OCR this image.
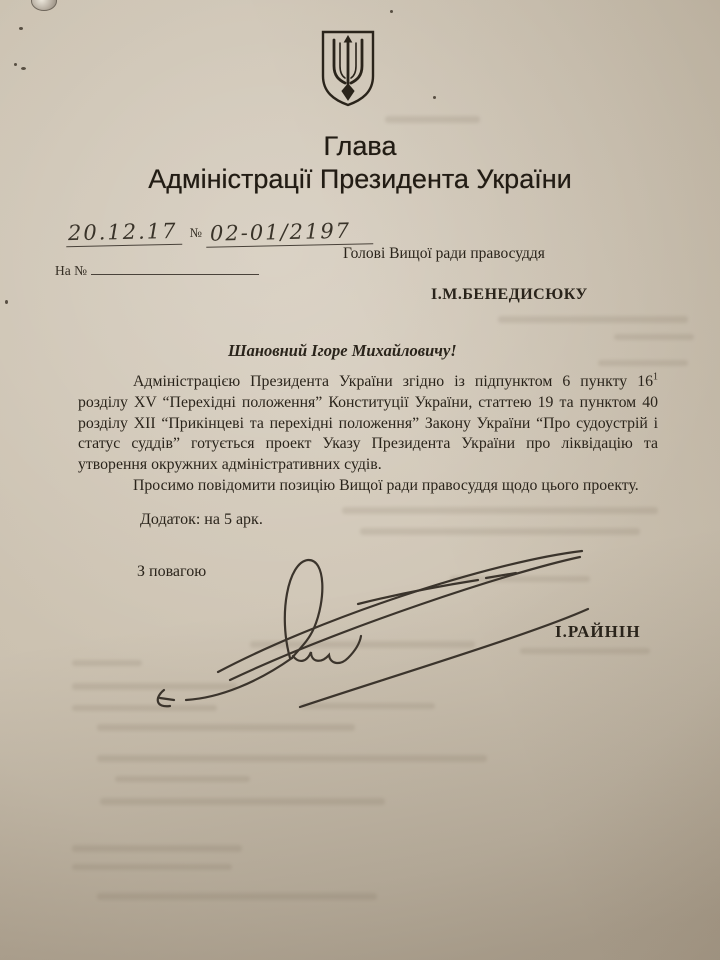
Глава
Адміністрації Президента України
20.12.17 № 02-01/2197
На №
Голові Вищої ради правосуддя
І.М.БЕНЕДИСЮКУ
Шановний Ігоре Михайловичу!

Адміністрацією Президента України згідно із підпунктом 6 пункту $16^1$ розділу XV “Перехідні положення” Конституції України, статтею 19 та пунктом 40 розділу XII “Прикінцеві та перехідні положення” Закону України “Про судоустрій і статус суддів” готується проект Указу Президента України про ліквідацію та утворення окружних адміністративних судів.

Просимо повідомити позицію Вищої ради правосуддя щодо цього проекту.

Додаток: на 5 арк.
З повагою
І.РАЙНІН
